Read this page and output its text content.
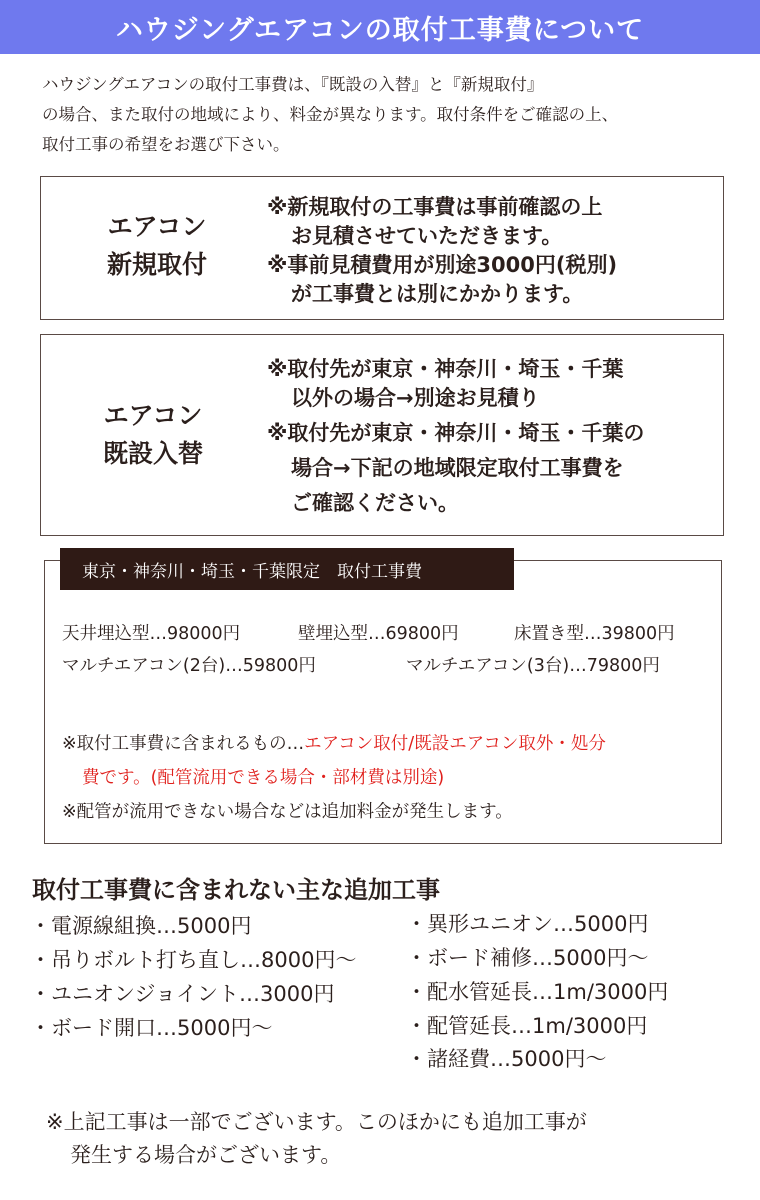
ハウジングエアコンの取付工事費について
ハウジングエアコンの取付工事費は、『既設の入替』と『新規取付』
の場合、また取付の地域により、料金が異なります。取付条件をご確認の上、
取付工事の希望をお選び下さい。
エアコン
新規取付
※新規取付の工事費は事前確認の上
お見積させていただきます。
※事前見積費用が別途3000円(税別)
が工事費とは別にかかります。
エアコン
既設入替
※取付先が東京・神奈川・埼玉・千葉
以外の場合→別途お見積り
※取付先が東京・神奈川・埼玉・千葉の
場合→下記の地域限定取付工事費を
ご確認ください。
東京・神奈川・埼玉・千葉限定　取付工事費
天井埋込型…98000円	壁埋込型…69800円	床置き型…39800円
マルチエアコン(2台)…59800円	マルチエアコン(3台)…79800円
※取付工事費に含まれるもの…エアコン取付/既設エアコン取外・処分
費です。(配管流用できる場合・部材費は別途)
※配管が流用できない場合などは追加料金が発生します。
取付工事費に含まれない主な追加工事
・電源線組換…5000円
・吊りボルト打ち直し…8000円～
・ユニオンジョイント…3000円
・ボード開口…5000円～
・異形ユニオン…5000円
・ボード補修…5000円～
・配水管延長…1m/3000円
・配管延長…1m/3000円
・諸経費…5000円～
※上記工事は一部でございます。このほかにも追加工事が
発生する場合がございます。
